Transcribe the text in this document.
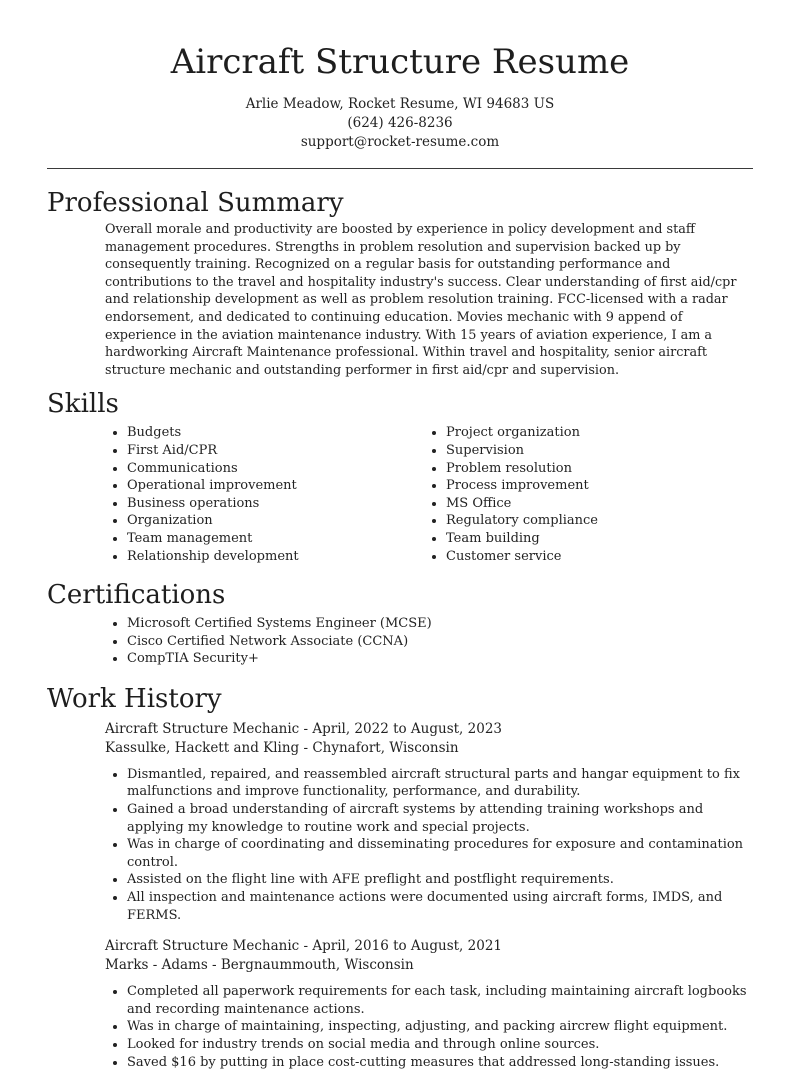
Aircraft Structure Resume

Arlie Meadow, Rocket Resume, WI 94683 US

(624) 426-8236

support@rocket-resume.com

Professional Summary

Overall morale and productivity are boosted by experience in policy development and staff management procedures. Strengths in problem resolution and supervision backed up by consequently training. Recognized on a regular basis for outstanding performance and contributions to the travel and hospitality industry's success. Clear understanding of first aid/cpr and relationship development as well as problem resolution training. FCC-licensed with a radar endorsement, and dedicated to continuing education. Movies mechanic with 9 append of experience in the aviation maintenance industry. With 15 years of aviation experience, I am a hardworking Aircraft Maintenance professional. Within travel and hospitality, senior aircraft structure mechanic and outstanding performer in first aid/cpr and supervision.

Skills
• Budgets
• First Aid/CPR
• Communications
• Operational improvement
• Business operations
• Organization
• Team management
• Relationship development
• Project organization
• Supervision
• Problem resolution
• Process improvement
• MS Office
• Regulatory compliance
• Team building
• Customer service
Certifications
• Microsoft Certified Systems Engineer (MCSE)
• Cisco Certified Network Associate (CCNA)
• CompTIA Security+
Work History

Aircraft Structure Mechanic - April, 2022 to August, 2023

Kassulke, Hackett and Kling - Chynafort, Wisconsin

• Dismantled, repaired, and reassembled aircraft structural parts and hangar equipment to fix malfunctions and improve functionality, performance, and durability.
• Gained a broad understanding of aircraft systems by attending training workshops and applying my knowledge to routine work and special projects.
• Was in charge of coordinating and disseminating procedures for exposure and contamination control.
• Assisted on the flight line with AFE preflight and postflight requirements.
• All inspection and maintenance actions were documented using aircraft forms, IMDS, and FERMS.

Aircraft Structure Mechanic - April, 2016 to August, 2021

Marks - Adams - Bergnaummouth, Wisconsin

• Completed all paperwork requirements for each task, including maintaining aircraft logbooks and recording maintenance actions.
• Was in charge of maintaining, inspecting, adjusting, and packing aircrew flight equipment.
• Looked for industry trends on social media and through online sources.
• Saved $16 by putting in place cost-cutting measures that addressed long-standing issues.
